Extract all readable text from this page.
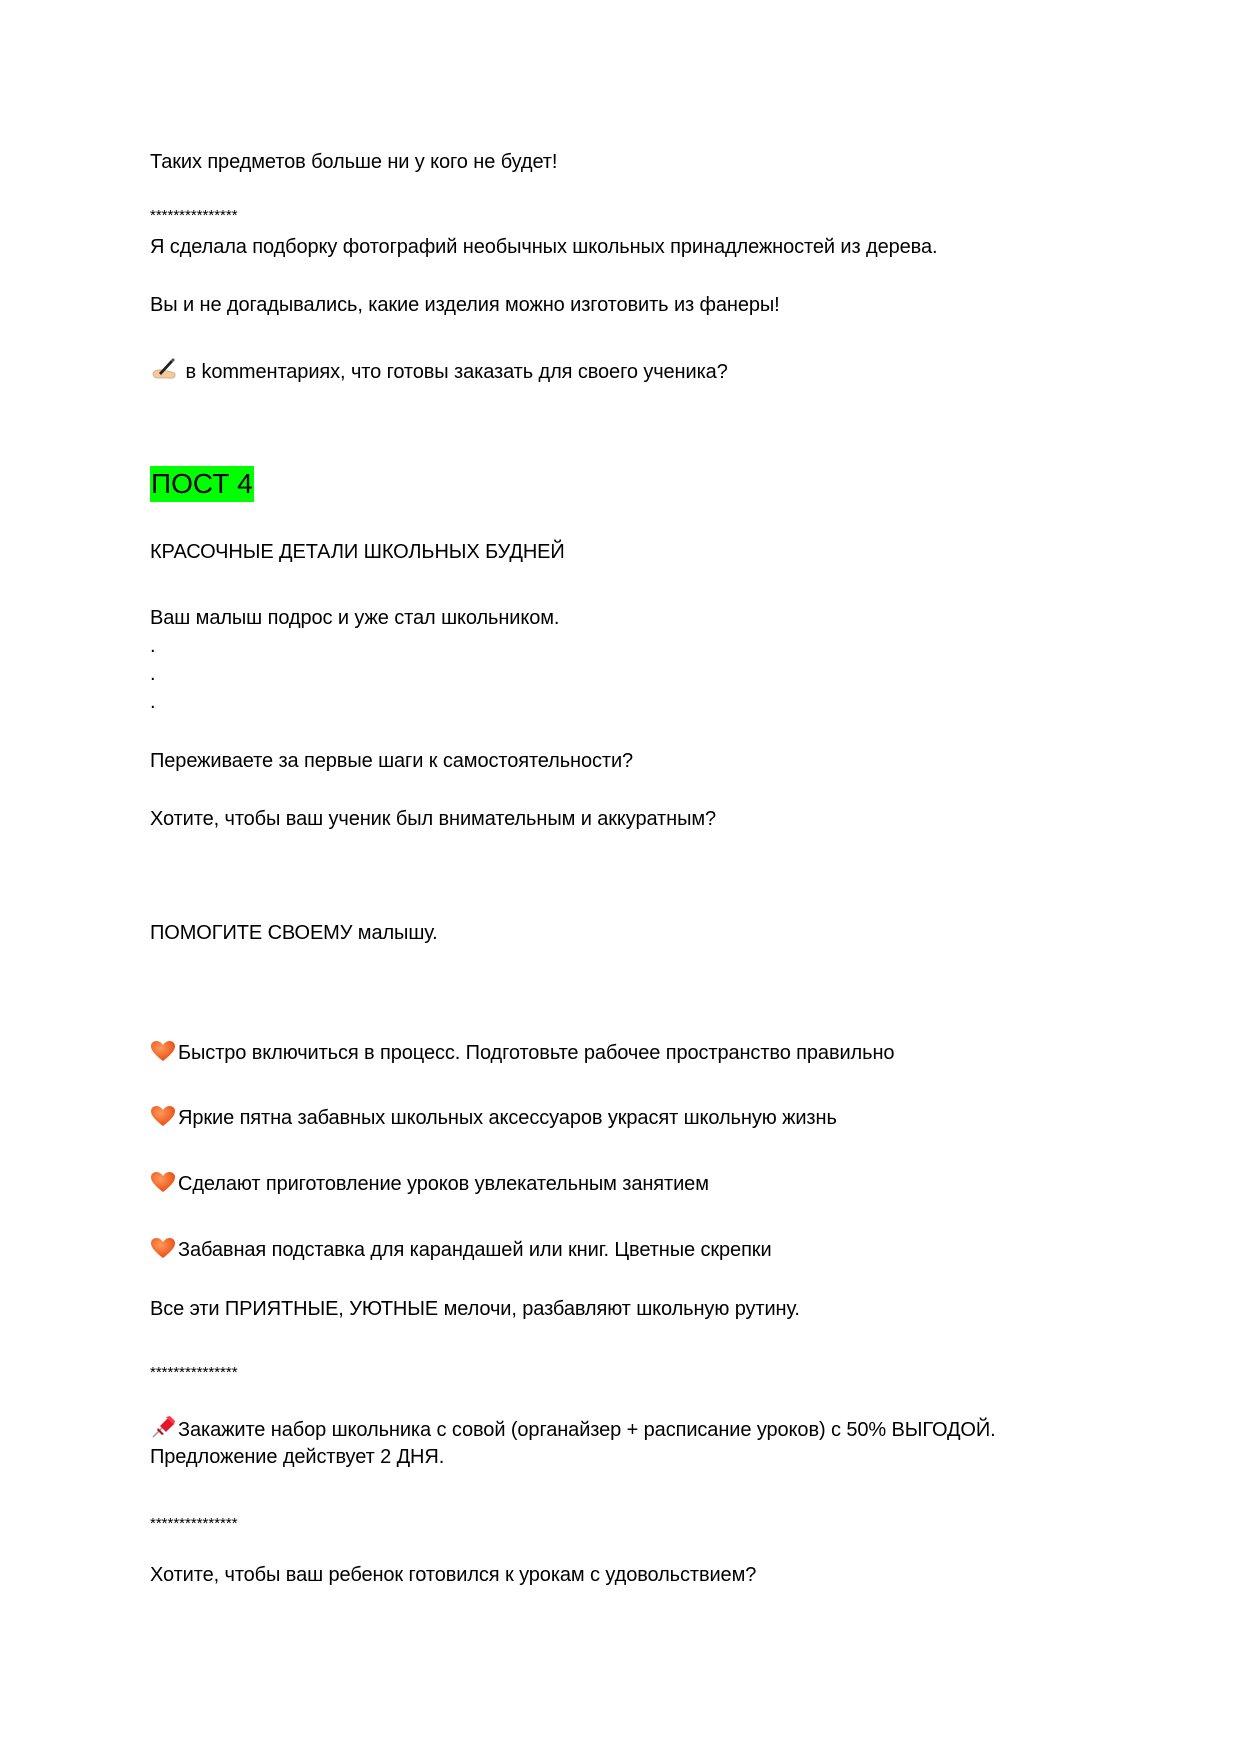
Таких предметов больше ни у кого не будет!
***************
Я сделала подборку фотографий необычных школьных принадлежностей из дерева.
Вы и не догадывались, какие изделия можно изготовить из фанеры!
в kommентариях, что готовы заказать для своего ученика?
ПОСТ 4
КРАСОЧНЫЕ ДЕТАЛИ ШКОЛЬНЫХ БУДНЕЙ
Ваш малыш подрос и уже стал школьником.
.
.
.
Переживаете за первые шаги к самостоятельности?
Хотите, чтобы ваш ученик был внимательным и аккуратным?
ПОМОГИТЕ СВОЕМУ малышу.
Быстро включиться в процесс. Подготовьте рабочее пространство правильно
Яркие пятна забавных школьных аксессуаров украсят школьную жизнь
Сделают приготовление уроков увлекательным занятием
Забавная подставка для карандашей или книг. Цветные скрепки
Все эти ПРИЯТНЫЕ, УЮТНЫЕ мелочи, разбавляют школьную рутину.
***************
Закажите набор школьника с совой (органайзер + расписание уроков) с 50% ВЫГОДОЙ.
Предложение действует 2 ДНЯ.
***************
Хотите, чтобы ваш ребенок готовился к урокам с удовольствием?
